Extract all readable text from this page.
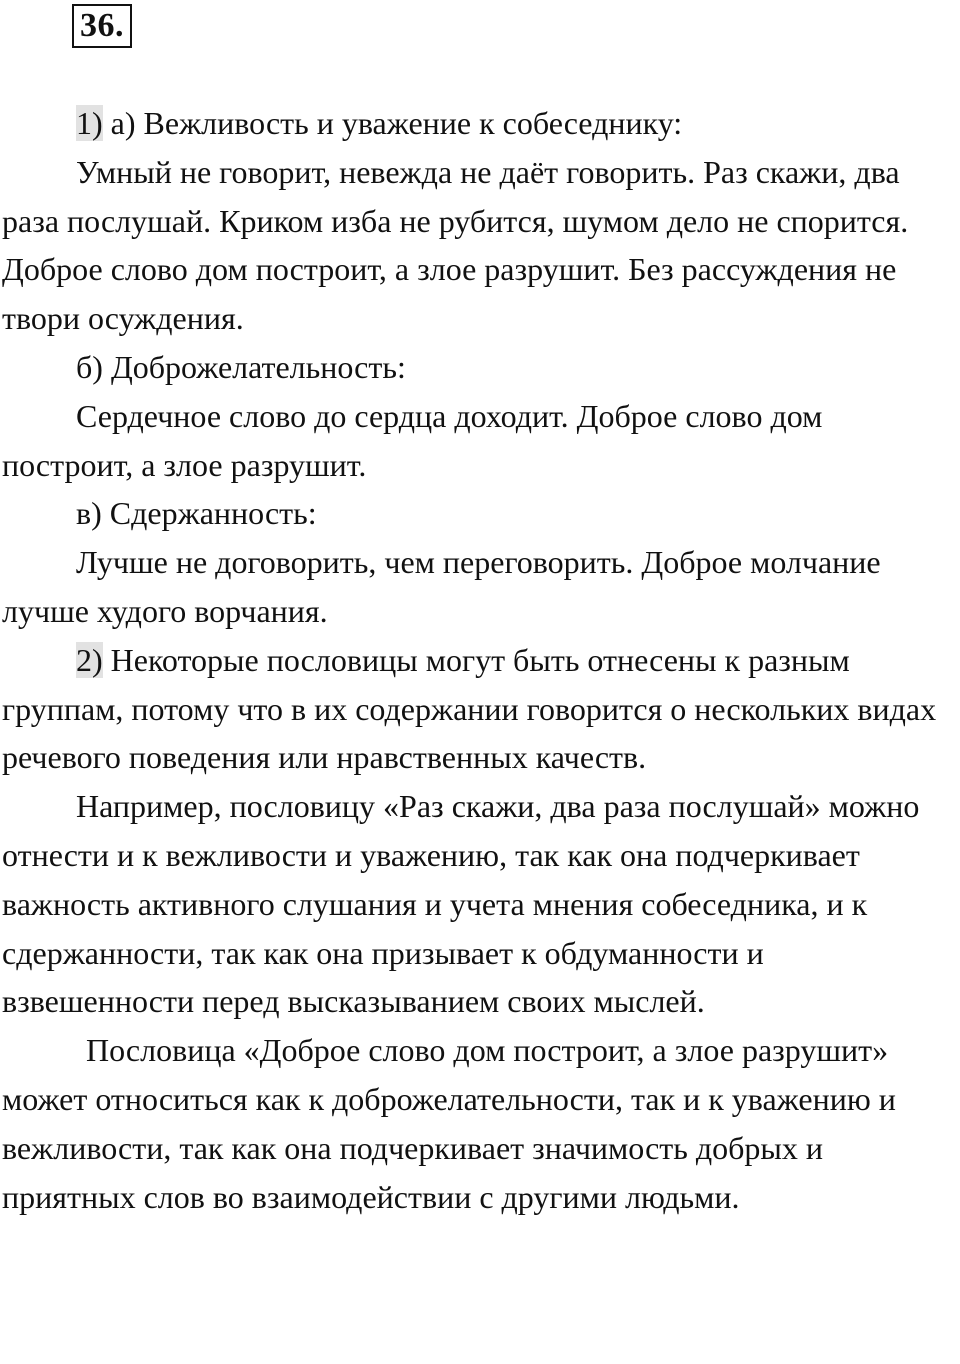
36.

1) а) Вежливость и уважение к собеседнику:

Умный не говорит, невежда не даёт говорить. Раз скажи, два раза послушай. Криком изба не рубится, шумом дело не спорится. Доброе слово дом построит, а злое разрушит. Без рассуждения не твори осуждения.

б) Доброжелательность:

Сердечное слово до сердца доходит. Доброе слово дом построит, а злое разрушит.

в) Сдержанность:

Лучше не договорить, чем переговорить. Доброе молчание лучше худого ворчания.

2) Некоторые пословицы могут быть отнесены к разным группам, потому что в их содержании говорится о нескольких видах речевого поведения или нравственных качеств.

Например, пословицу «Раз скажи, два раза послушай» можно отнести и к вежливости и уважению, так как она подчеркивает важность активного слушания и учета мнения собеседника, и к сдержанности, так как она призывает к обдуманности и взвешенности перед высказыванием своих мыслей.

Пословица «Доброе слово дом построит, а злое разрушит» может относиться как к доброжелательности, так и к уважению и вежливости, так как она подчеркивает значимость добрых и приятных слов во взаимодействии с другими людьми.
